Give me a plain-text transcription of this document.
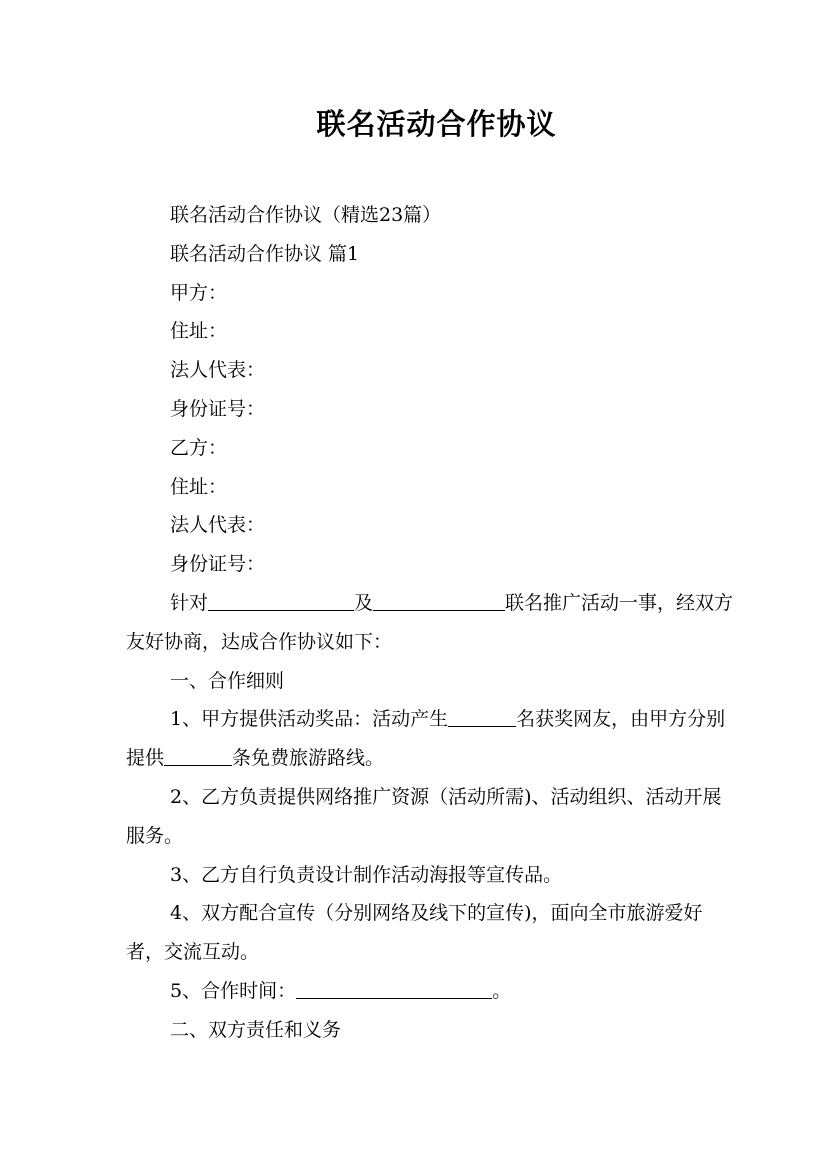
联名活动合作协议

联名活动合作协议（精选23篇）

联名活动合作协议 篇1

甲方：

住址：

法人代表：

身份证号：

乙方：

住址：

法人代表：

身份证号：

针对	及	联名推广活动一事，经双方友好协商，达成合作协议如下：

一、合作细则

1、甲方提供活动奖品：活动产生	名获奖网友，由甲方分别提供	条免费旅游路线。

2、乙方负责提供网络推广资源（活动所需)、活动组织、活动开展服务。

3、乙方自行负责设计制作活动海报等宣传品。

4、双方配合宣传（分别网络及线下的宣传)，面向全市旅游爱好者，交流互动。

5、合作时间：	。

二、双方责任和义务
